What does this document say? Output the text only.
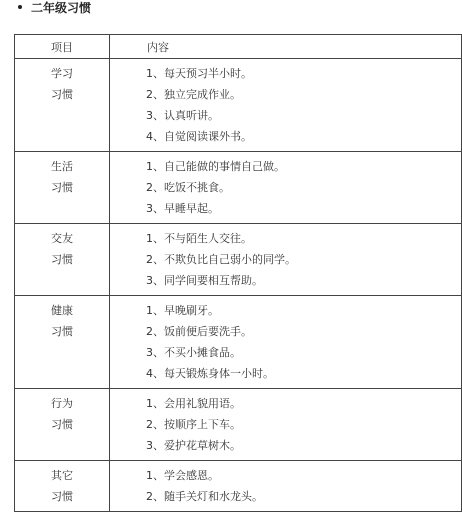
二年级习惯
项目	内容

学习
习惯	1、每天预习半小时。
2、独立完成作业。
3、认真听讲。
4、自觉阅读课外书。

生活
习惯	1、自己能做的事情自己做。
2、吃饭不挑食。
3、早睡早起。

交友
习惯	1、不与陌生人交往。
2、不欺负比自己弱小的同学。
3、同学间要相互帮助。

健康
习惯	1、早晚刷牙。
2、饭前便后要洗手。
3、不买小摊食品。
4、每天锻炼身体一小时。

行为
习惯	1、会用礼貌用语。
2、按顺序上下车。
3、爱护花草树木。

其它
习惯	1、学会感恩。
2、随手关灯和水龙头。
